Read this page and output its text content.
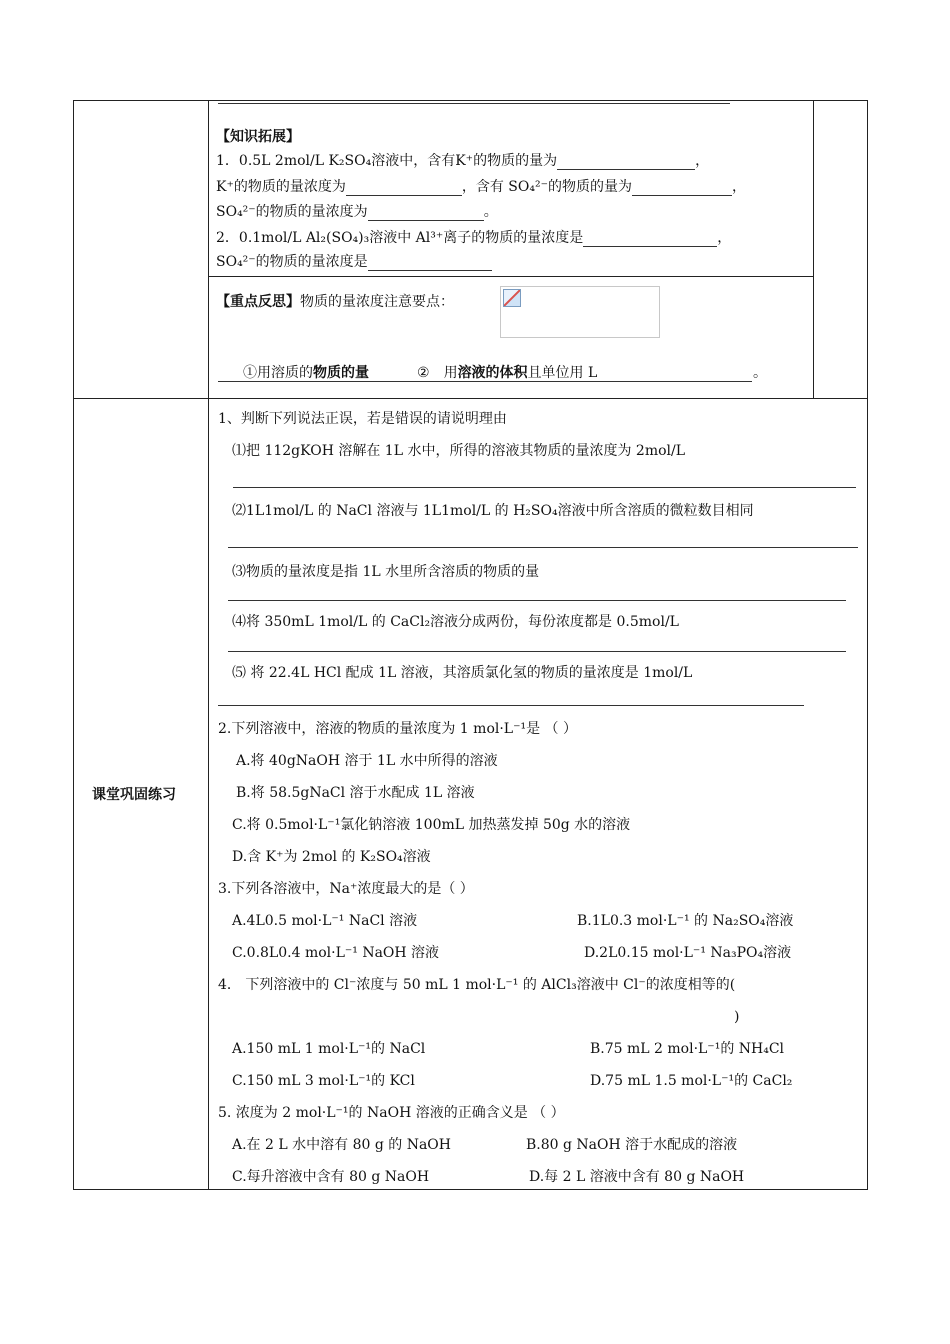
【知识拓展】
1．0.5L 2mol/L K₂SO₄溶液中，含有K⁺的物质的量为	，
K⁺的物质的量浓度为	，含有 SO₄²⁻的物质的量为	，
SO₄²⁻的物质的量浓度为	。
2．0.1mol/L Al₂(SO₄)₃溶液中 Al³⁺离子的物质的量浓度是	，
SO₄²⁻的物质的量浓度是
【重点反思】物质的量浓度注意要点：
①用溶质的物质的量	② 用溶液的体积且单位用 L	。
课堂巩固练习
1、判断下列说法正误，若是错误的请说明理由
⑴把 112gKOH 溶解在 1L 水中，所得的溶液其物质的量浓度为 2mol/L
⑵1L1mol/L 的 NaCl 溶液与 1L1mol/L 的 H₂SO₄溶液中所含溶质的微粒数目相同
⑶物质的量浓度是指 1L 水里所含溶质的物质的量
⑷将 350mL 1mol/L 的 CaCl₂溶液分成两份，每份浓度都是 0.5mol/L
⑸ 将 22.4L HCl 配成 1L 溶液，其溶质氯化氢的物质的量浓度是 1mol/L
2.下列溶液中，溶液的物质的量浓度为 1 mol·L⁻¹是 （ ）
A.将 40gNaOH 溶于 1L 水中所得的溶液
B.将 58.5gNaCl 溶于水配成 1L 溶液
C.将 0.5mol·L⁻¹氯化钠溶液 100mL 加热蒸发掉 50g 水的溶液
D.含 K⁺为 2mol 的 K₂SO₄溶液
3.下列各溶液中，Na⁺浓度最大的是（ ）
A.4L0.5 mol·L⁻¹ NaCl 溶液	B.1L0.3 mol·L⁻¹ 的 Na₂SO₄溶液
C.0.8L0.4 mol·L⁻¹ NaOH 溶液	D.2L0.15 mol·L⁻¹ Na₃PO₄溶液
4． 下列溶液中的 Cl⁻浓度与 50 mL 1 mol·L⁻¹ 的 AlCl₃溶液中 Cl⁻的浓度相等的(
)
A.150 mL 1 mol·L⁻¹的 NaCl	B.75 mL 2 mol·L⁻¹的 NH₄Cl
C.150 mL 3 mol·L⁻¹的 KCl	D.75 mL 1.5 mol·L⁻¹的 CaCl₂
5. 浓度为 2 mol·L⁻¹的 NaOH 溶液的正确含义是 （ ）
A.在 2 L 水中溶有 80 g 的 NaOH	B.80 g NaOH 溶于水配成的溶液
C.每升溶液中含有 80 g NaOH	D.每 2 L 溶液中含有 80 g NaOH
